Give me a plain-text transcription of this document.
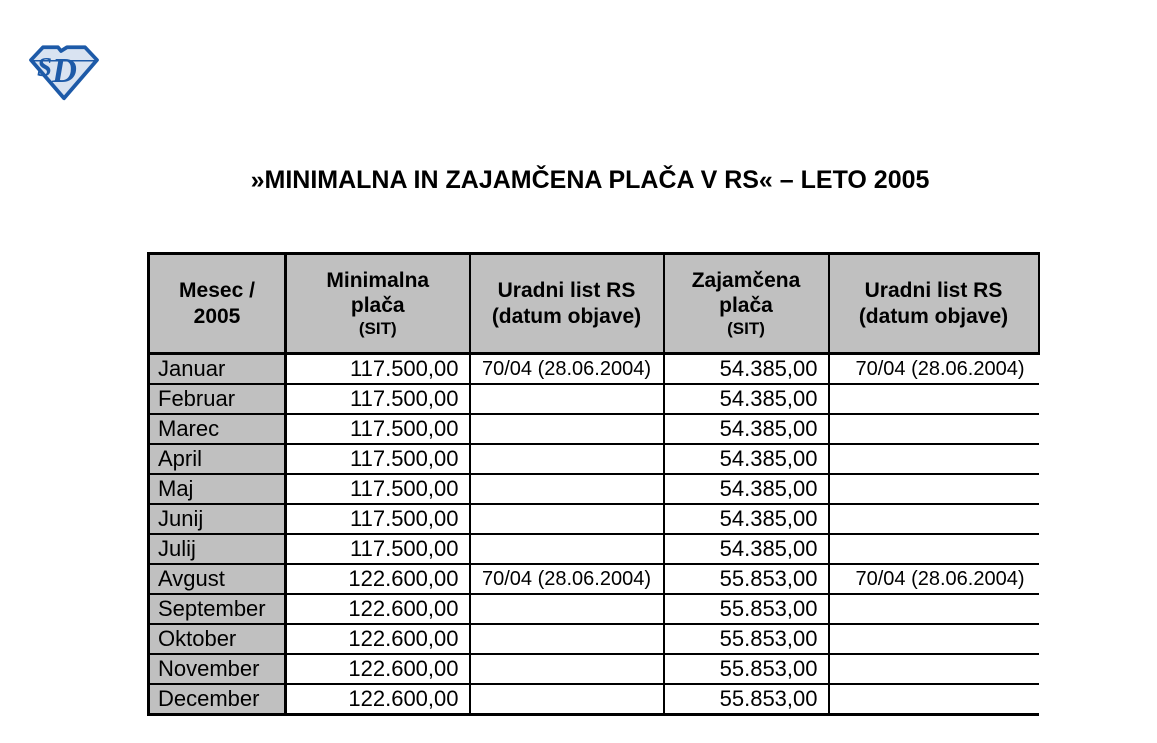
S D
»MINIMALNA IN ZAJAMČENA PLAČA V RS« – LETO 2005
Mesec /
2005	Minimalna
plača
(SIT)	Uradni list RS
(datum objave)	Zajamčena
plača
(SIT)	Uradni list RS
(datum objave)
Januar	117.500,00	70/04 (28.06.2004)	54.385,00	70/04 (28.06.2004)
Februar	117.500,00		54.385,00	
Marec	117.500,00		54.385,00	
April	117.500,00		54.385,00	
Maj	117.500,00		54.385,00	
Junij	117.500,00		54.385,00	
Julij	117.500,00		54.385,00	
Avgust	122.600,00	70/04 (28.06.2004)	55.853,00	70/04 (28.06.2004)
September	122.600,00		55.853,00	
Oktober	122.600,00		55.853,00	
November	122.600,00		55.853,00	
December	122.600,00		55.853,00	
